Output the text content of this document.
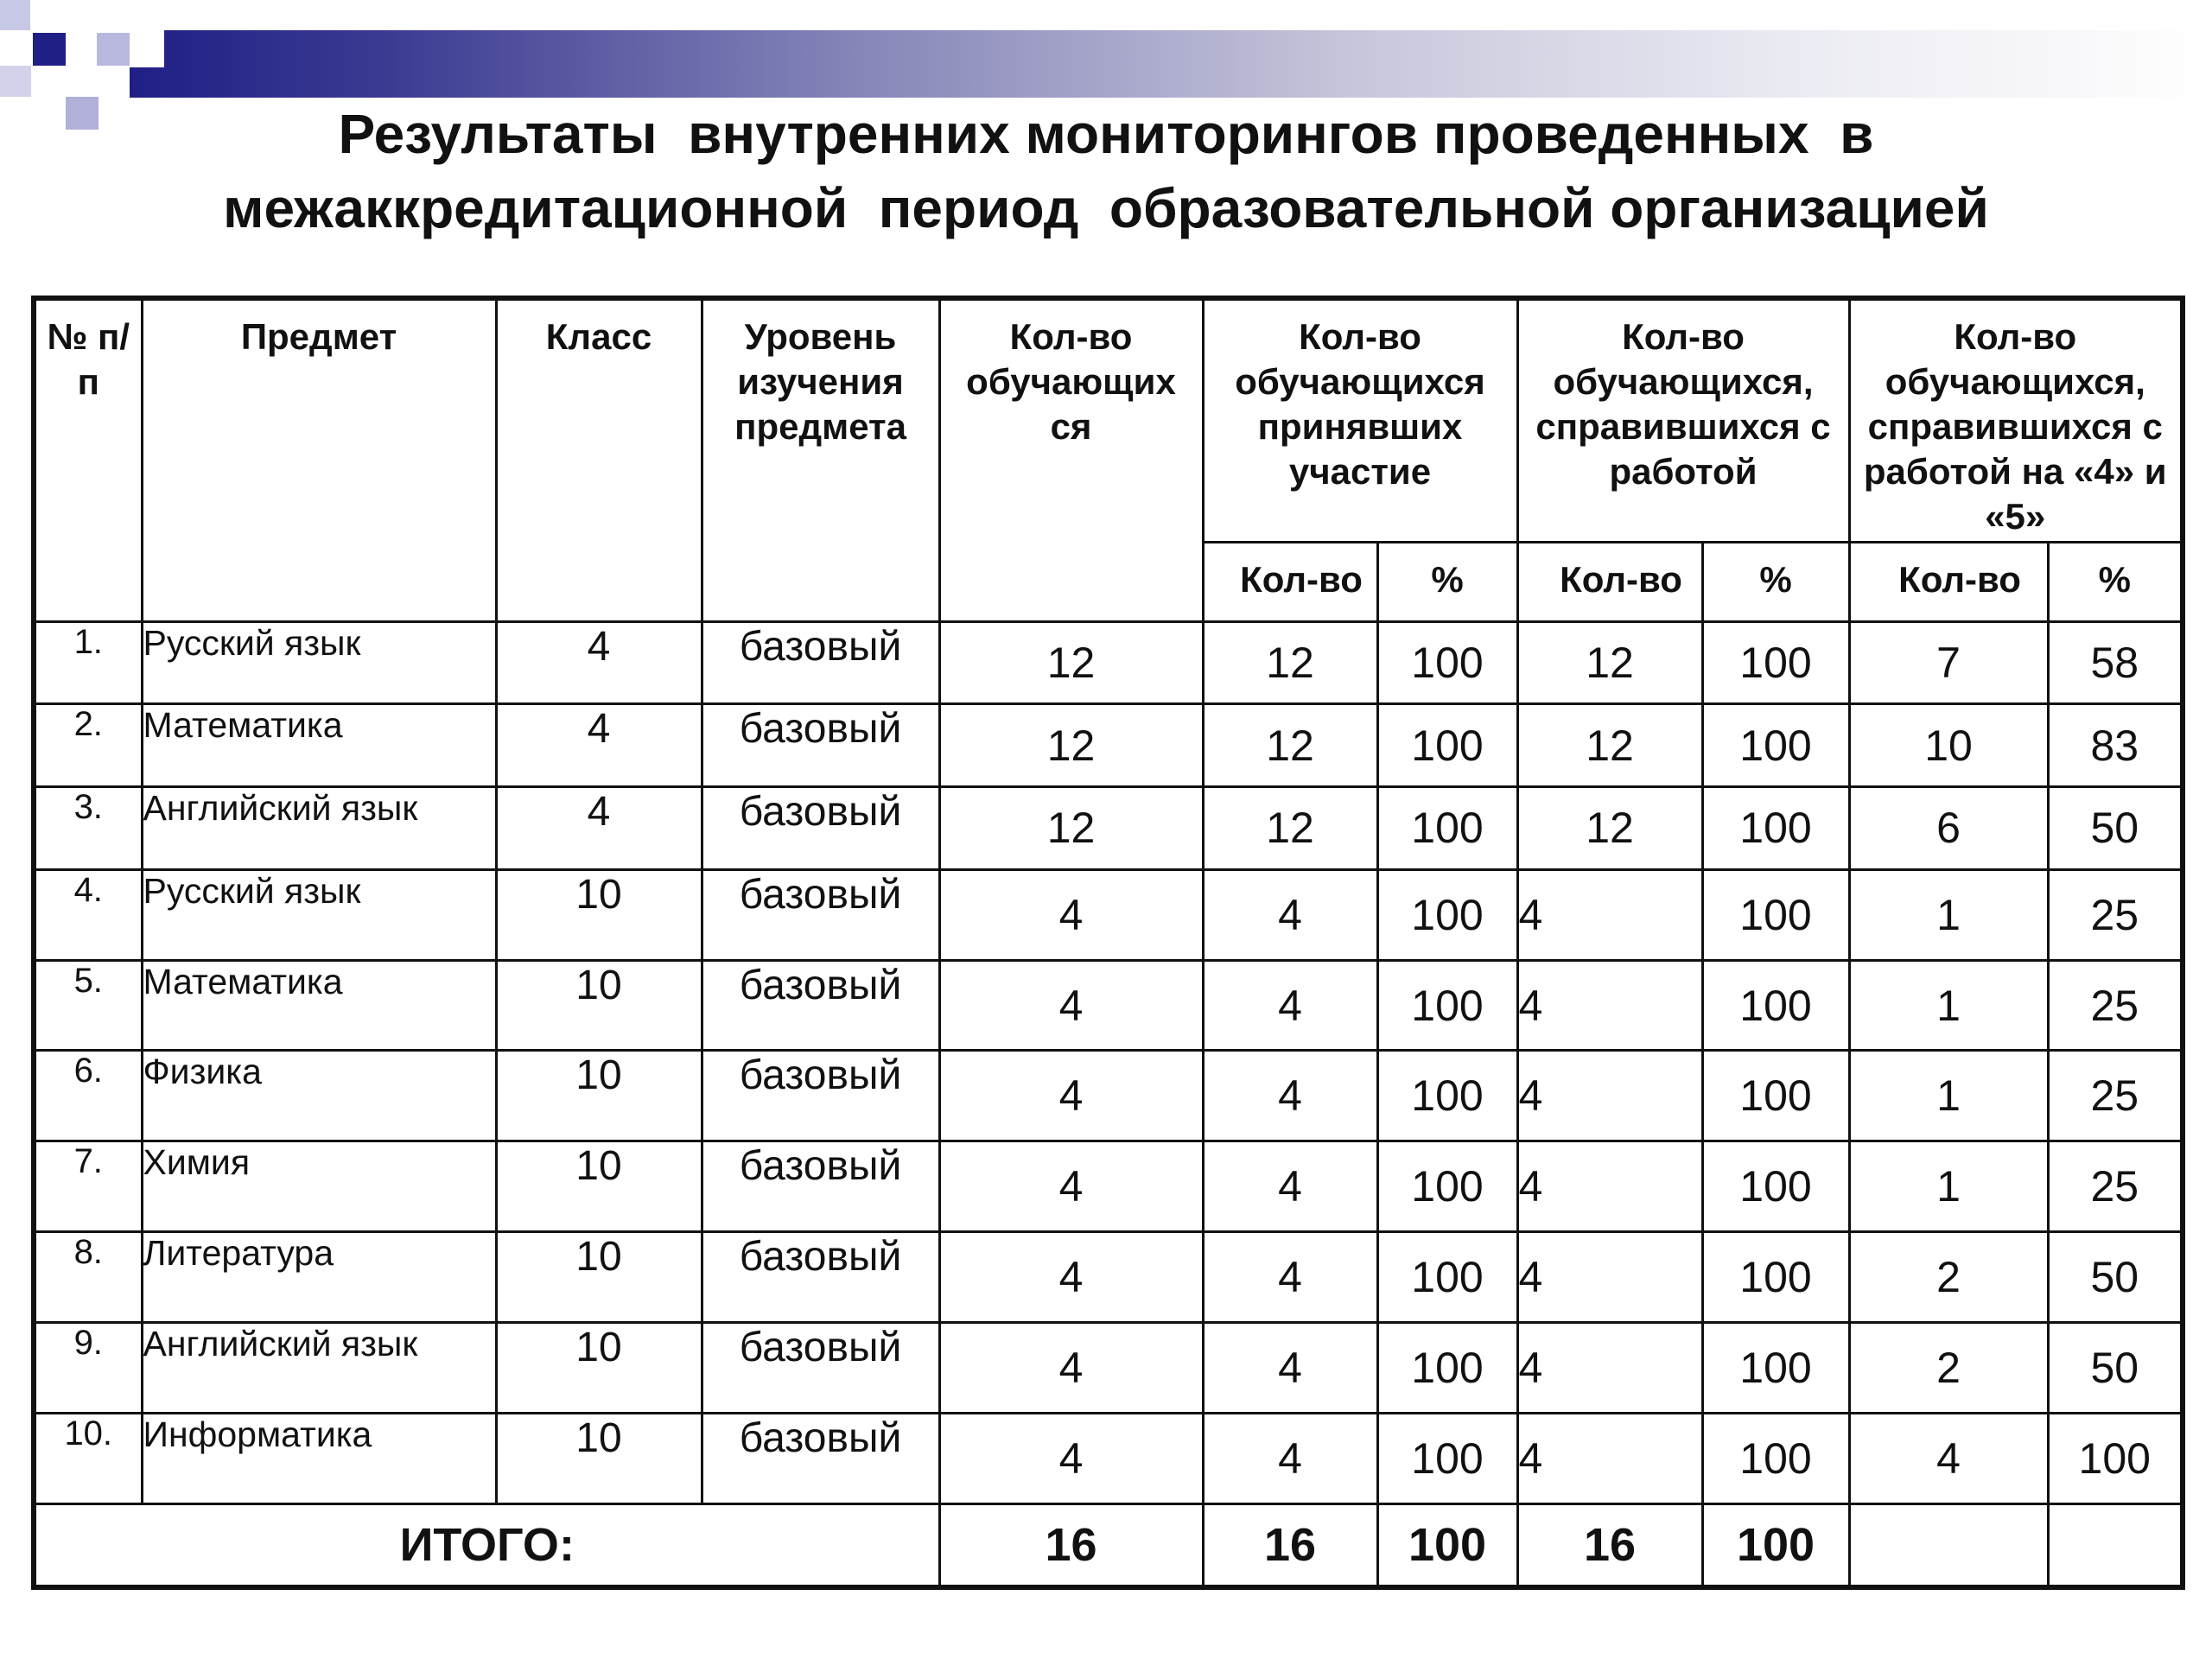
Результаты  внутренних мониторингов проведенных  в
межаккредитационной  период  образовательной организацией
№ п/п	Предмет	Класс	Уровень изучения предмета	Кол-во обучающих ся	Кол-во обучающихся принявших участие		Кол-во обучающихся, справившихся с работой		Кол-во обучающихся, справившихся с работой на «4» и «5»	
					Кол-во	%	Кол-во	%	Кол-во	%
1.	Русский язык	4	базовый	12	12	100	12	100	7	58
2.	Математика	4	базовый	12	12	100	12	100	10	83
3.	Английский язык	4	базовый	12	12	100	12	100	6	50
4.	Русский язык	10	базовый	4	4	100	4	100	1	25
5.	Математика	10	базовый	4	4	100	4	100	1	25
6.	Физика	10	базовый	4	4	100	4	100	1	25
7.	Химия	10	базовый	4	4	100	4	100	1	25
8.	Литература	10	базовый	4	4	100	4	100	2	50
9.	Английский язык	10	базовый	4	4	100	4	100	2	50
10.	Информатика	10	базовый	4	4	100	4	100	4	100
ИТОГО:				16	16	100	16	100		
